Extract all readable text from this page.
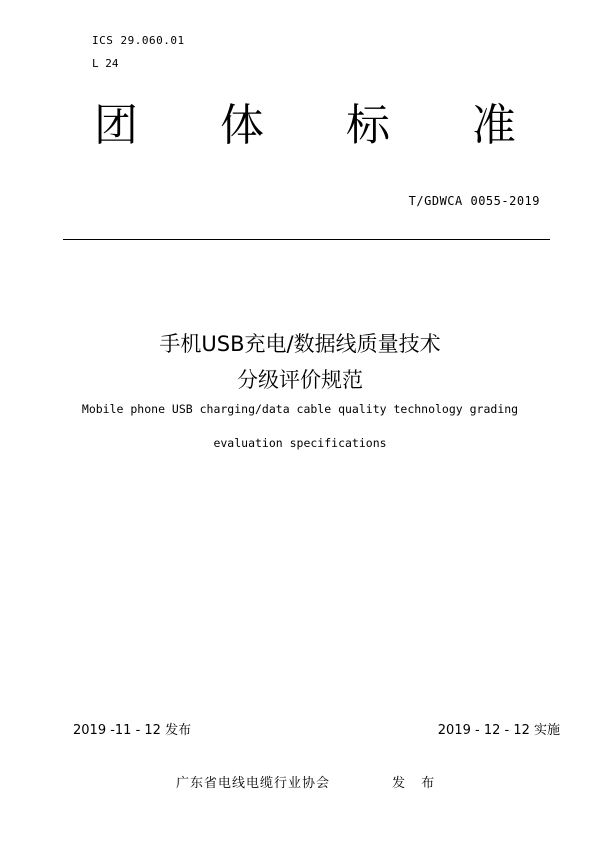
ICS 29.060.01
L 24
团 体 标 准
T/GDWCA 0055-2019
手机USB充电/数据线质量技术
分级评价规范
Mobile phone USB charging/data cable quality technology grading
evaluation specifications
2019 -11 - 12 发布	2019 - 12 - 12 实施
广东省电线电缆行业协会	发 布
